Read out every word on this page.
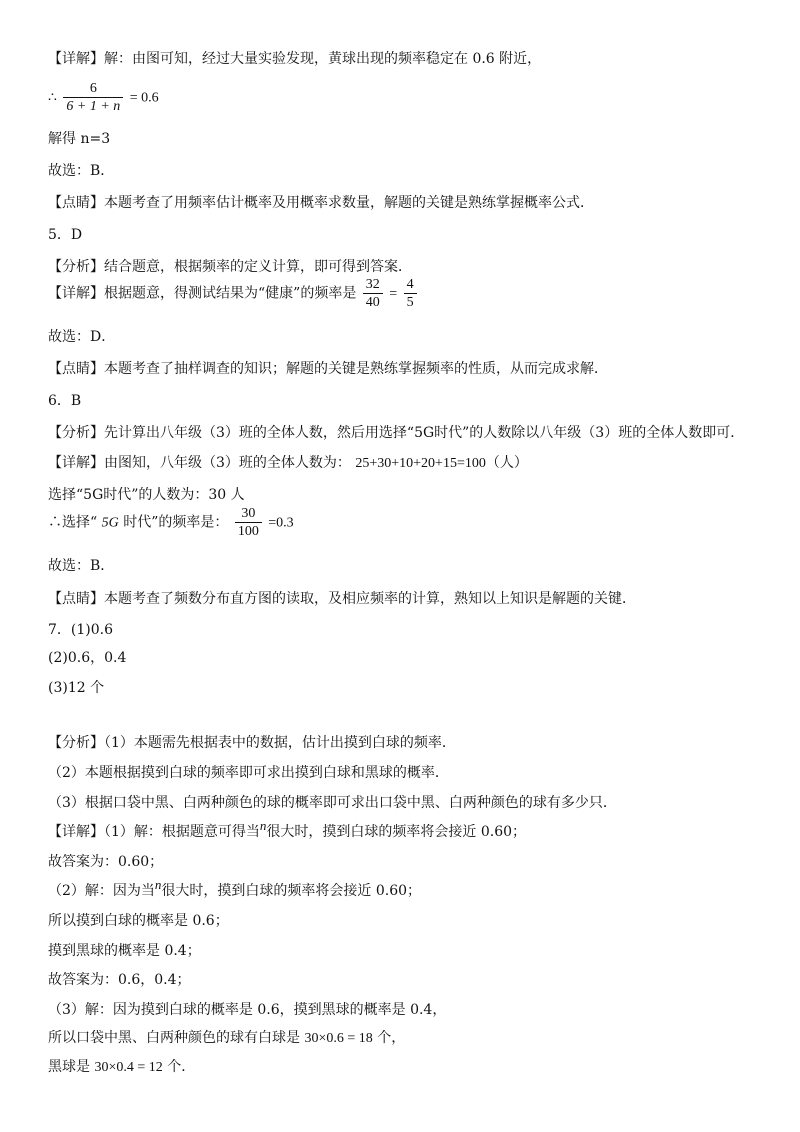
【详解】解：由图可知，经过大量实验发现，黄球出现的频率稳定在 0.6 附近，
∴ $\frac{6}{6 + 1 + n} = 0.6$
解得 n=3
故选：B．
【点睛】本题考查了用频率估计概率及用概率求数量，解题的关键是熟练掌握概率公式．
5．D
【分析】结合题意，根据频率的定义计算，即可得到答案．
【详解】根据题意，得测试结果为“健康”的频率是 $\frac{32}{40} = \frac{4}{5}$
故选：D．
【点睛】本题考查了抽样调查的知识；解题的关键是熟练掌握频率的性质，从而完成求解．
6．B
【分析】先计算出八年级（3）班的全体人数，然后用选择“5G时代”的人数除以八年级（3）班的全体人数即可．
【详解】由图知，八年级（3）班的全体人数为： 25+30+10+20+15=100（人）
选择“5G时代”的人数为：30 人
∴选择“ 5G 时代”的频率是： $\frac{30}{100} =0.3$
故选：B．
【点睛】本题考查了频数分布直方图的读取，及相应频率的计算，熟知以上知识是解题的关键．
7．(1)0.6
(2)0.6，0.4
(3)12 个
【分析】（1）本题需先根据表中的数据，估计出摸到白球的频率．
（2）本题根据摸到白球的频率即可求出摸到白球和黑球的概率．
（3）根据口袋中黑、白两种颜色的球的概率即可求出口袋中黑、白两种颜色的球有多少只．
【详解】（1）解：根据题意可得当n很大时，摸到白球的频率将会接近 0.60；
故答案为：0.60；
（2）解：因为当n很大时，摸到白球的频率将会接近 0.60；
所以摸到白球的概率是 0.6；
摸到黑球的概率是 0.4；
故答案为：0.6，0.4；
（3）解：因为摸到白球的概率是 0.6，摸到黑球的概率是 0.4，
所以口袋中黑、白两种颜色的球有白球是 30×0.6 = 18 个，
黑球是 30×0.4 = 12 个．
